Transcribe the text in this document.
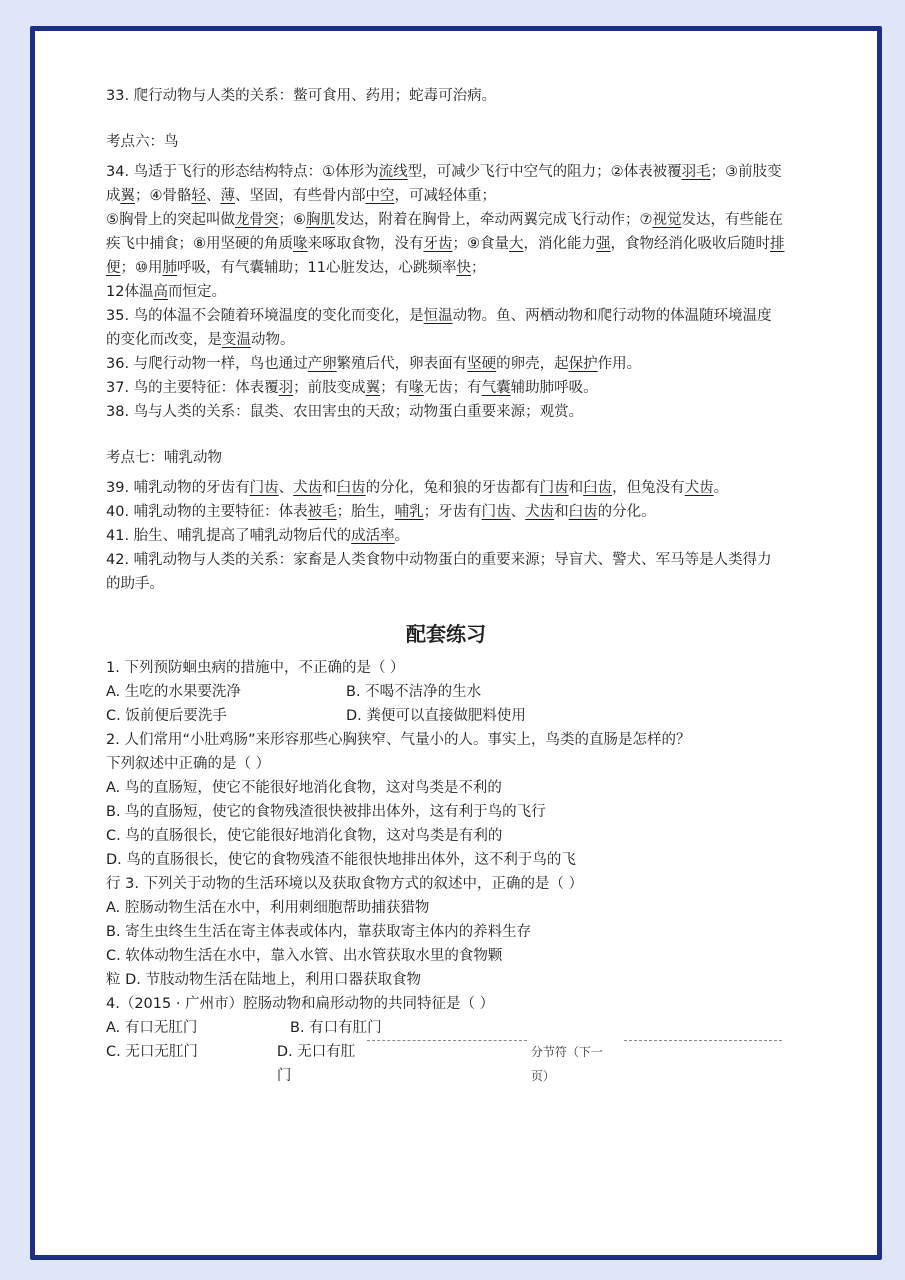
33. 爬行动物与人类的关系：鳖可食用、药用；蛇毒可治病。

考点六：鸟

34. 鸟适于飞行的形态结构特点：①体形为流线型，可减少飞行中空气的阻力；②体表被覆羽毛；③前肢变成翼；④骨骼轻、薄、坚固，有些骨内部中空，可减轻体重；
⑤胸骨上的突起叫做龙骨突；⑥胸肌发达，附着在胸骨上，牵动两翼完成飞行动作；⑦视觉发达，有些能在疾飞中捕食；⑧用坚硬的角质喙来啄取食物，没有牙齿；⑨食量大，消化能力强，食物经消化吸收后随时排便；⑩用肺呼吸，有气囊辅助；11心脏发达，心跳频率快；
12体温高而恒定。

35. 鸟的体温不会随着环境温度的变化而变化，是恒温动物。鱼、两栖动物和爬行动物的体温随环境温度的变化而改变，是变温动物。

36. 与爬行动物一样，鸟也通过产卵繁殖后代，卵表面有坚硬的卵壳，起保护作用。

37. 鸟的主要特征：体表覆羽；前肢变成翼；有喙无齿；有气囊辅助肺呼吸。

38. 鸟与人类的关系：鼠类、农田害虫的天敌；动物蛋白重要来源；观赏。

考点七：哺乳动物

39. 哺乳动物的牙齿有门齿、犬齿和臼齿的分化，兔和狼的牙齿都有门齿和臼齿，但兔没有犬齿。

40. 哺乳动物的主要特征：体表被毛；胎生，哺乳；牙齿有门齿、犬齿和臼齿的分化。

41. 胎生、哺乳提高了哺乳动物后代的成活率。

42. 哺乳动物与人类的关系：家畜是人类食物中动物蛋白的重要来源；导盲犬、警犬、军马等是人类得力的助手。

配套练习

1. 下列预防蛔虫病的措施中，不正确的是（ ）

A. 生吃的水果要洗净	B. 不喝不洁净的生水
C. 饭前便后要洗手	D. 粪便可以直接做肥料使用

2. 人们常用“小肚鸡肠”来形容那些心胸狭窄、气量小的人。事实上，鸟类的直肠是怎样的？

下列叙述中正确的是（ ）

A. 鸟的直肠短，使它不能很好地消化食物，这对鸟类是不利的

B. 鸟的直肠短，使它的食物残渣很快被排出体外，这有利于鸟的飞行

C. 鸟的直肠很长，使它能很好地消化食物，这对鸟类是有利的

D. 鸟的直肠很长，使它的食物残渣不能很快地排出体外，这不利于鸟的飞

行 3. 下列关于动物的生活环境以及获取食物方式的叙述中，正确的是（ ）

A. 腔肠动物生活在水中，利用刺细胞帮助捕获猎物

B. 寄生虫终生生活在寄主体表或体内，靠获取寄主体内的养料生存

C. 软体动物生活在水中，靠入水管、出水管获取水里的食物颗

粒 D. 节肢动物生活在陆地上，利用口器获取食物

4.（2015 · 广州市）腔肠动物和扁形动物的共同特征是（ ）

A. 有口无肛门	B. 有口有肛门
C. 无口无肛门	D. 无口有肛门
分节符（下一页）
